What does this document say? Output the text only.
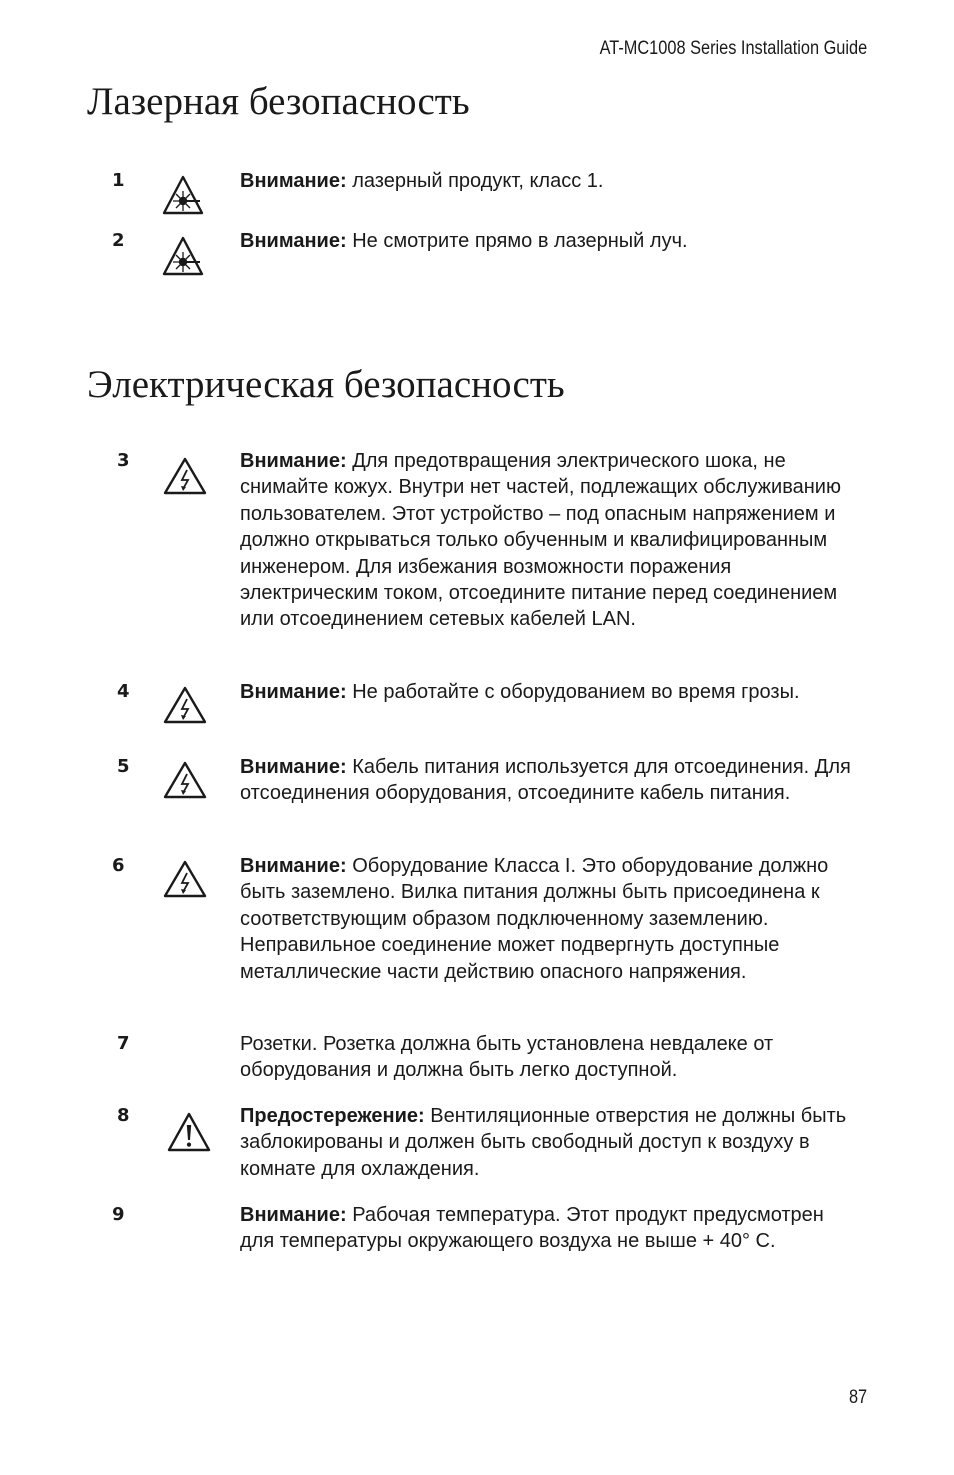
AT-MC1008 Series Installation Guide
Лазерная безопасность
1	Внимание: лазерный продукт, класс 1.
2	Внимание: Не смотрите прямо в лазерный луч.
Электрическая безопасность
3	Внимание: Для предотвращения электрического шока, не снимайте кожух. Внутри нет частей, подлежащих обслуживанию пользователем. Этот устройство – под опасным напряжением и должно открываться только обученным и квалифицированным инженером. Для избежания возможности поражения электрическим током, отсоедините питание перед соединением или отсоединением сетевых кабелей LAN.
4	Внимание: Не работайте с оборудованием во время грозы.
5	Внимание: Кабель питания используется для отсоединения. Для отсоединения оборудования, отсоедините кабель питания.
6	Внимание: Оборудование Класса I. Это оборудование должно быть заземлено. Вилка питания должны быть присоединена к соответствующим образом подключенному заземлению. Неправильное соединение может подвергнуть доступные металлические части действию опасного напряжения.
7	Розетки. Розетка должна быть установлена невдалеке от оборудования и должна быть легко доступной.
8	Предостережение: Вентиляционные отверстия не должны быть заблокированы и должен быть свободный доступ к воздуху в комнате для охлаждения.
9	Внимание: Рабочая температура. Этот продукт предусмотрен для температуры окружающего воздуха не выше + 40° С.
87
